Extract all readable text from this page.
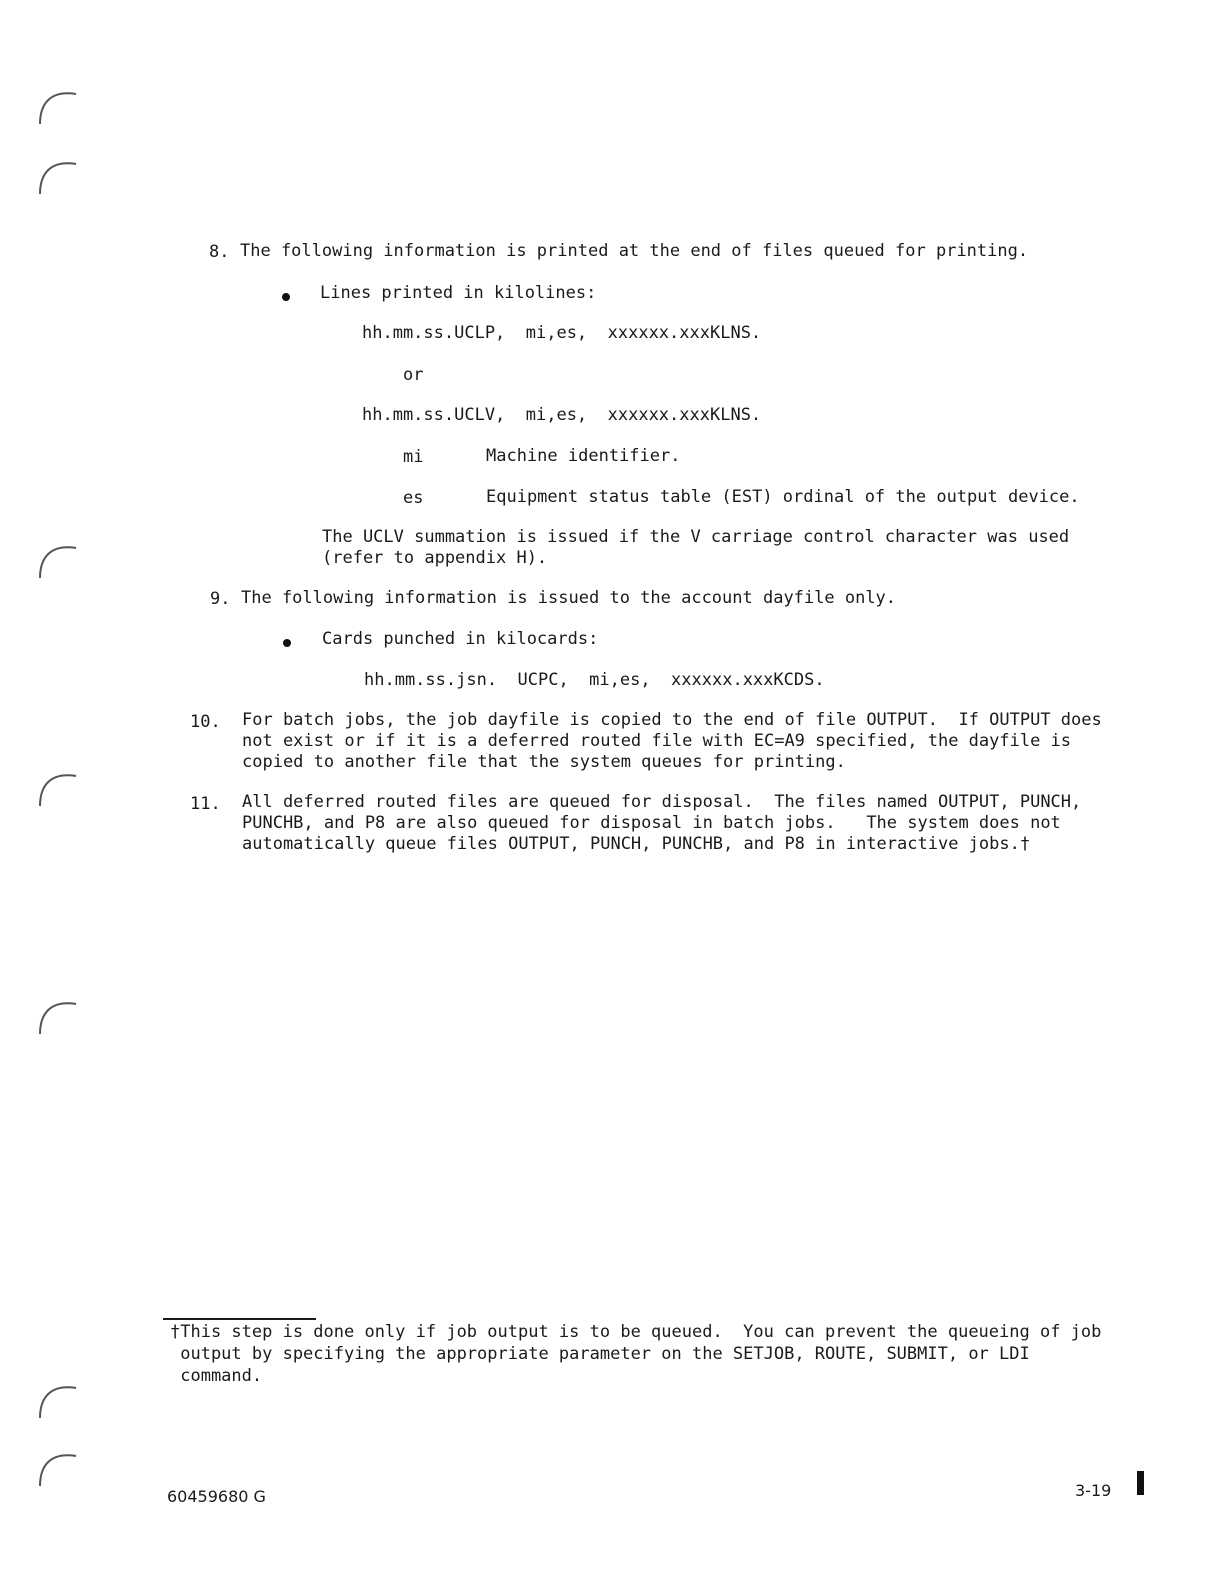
8. The following information is printed at the end of files queued for printing.
Lines printed in kilolines:
hh.mm.ss.UCLP,  mi,es,  xxxxxx.xxxKLNS.
or
hh.mm.ss.UCLV,  mi,es,  xxxxxx.xxxKLNS.
mi	Machine identifier.
es	Equipment status table (EST) ordinal of the output device.
The UCLV summation is issued if the V carriage control character was used
(refer to appendix H).
9. The following information is issued to the account dayfile only.
Cards punched in kilocards:
hh.mm.ss.jsn.  UCPC,  mi,es,  xxxxxx.xxxKCDS.
10. For batch jobs, the job dayfile is copied to the end of file OUTPUT.  If OUTPUT does
not exist or if it is a deferred routed file with EC=A9 specified, the dayfile is
copied to another file that the system queues for printing.
11. All deferred routed files are queued for disposal.  The files named OUTPUT, PUNCH,
PUNCHB, and P8 are also queued for disposal in batch jobs.   The system does not
automatically queue files OUTPUT, PUNCH, PUNCHB, and P8 in interactive jobs.†
†This step is done only if job output is to be queued.  You can prevent the queueing of job
output by specifying the appropriate parameter on the SETJOB, ROUTE, SUBMIT, or LDI
command.
60459680 G	3-19
